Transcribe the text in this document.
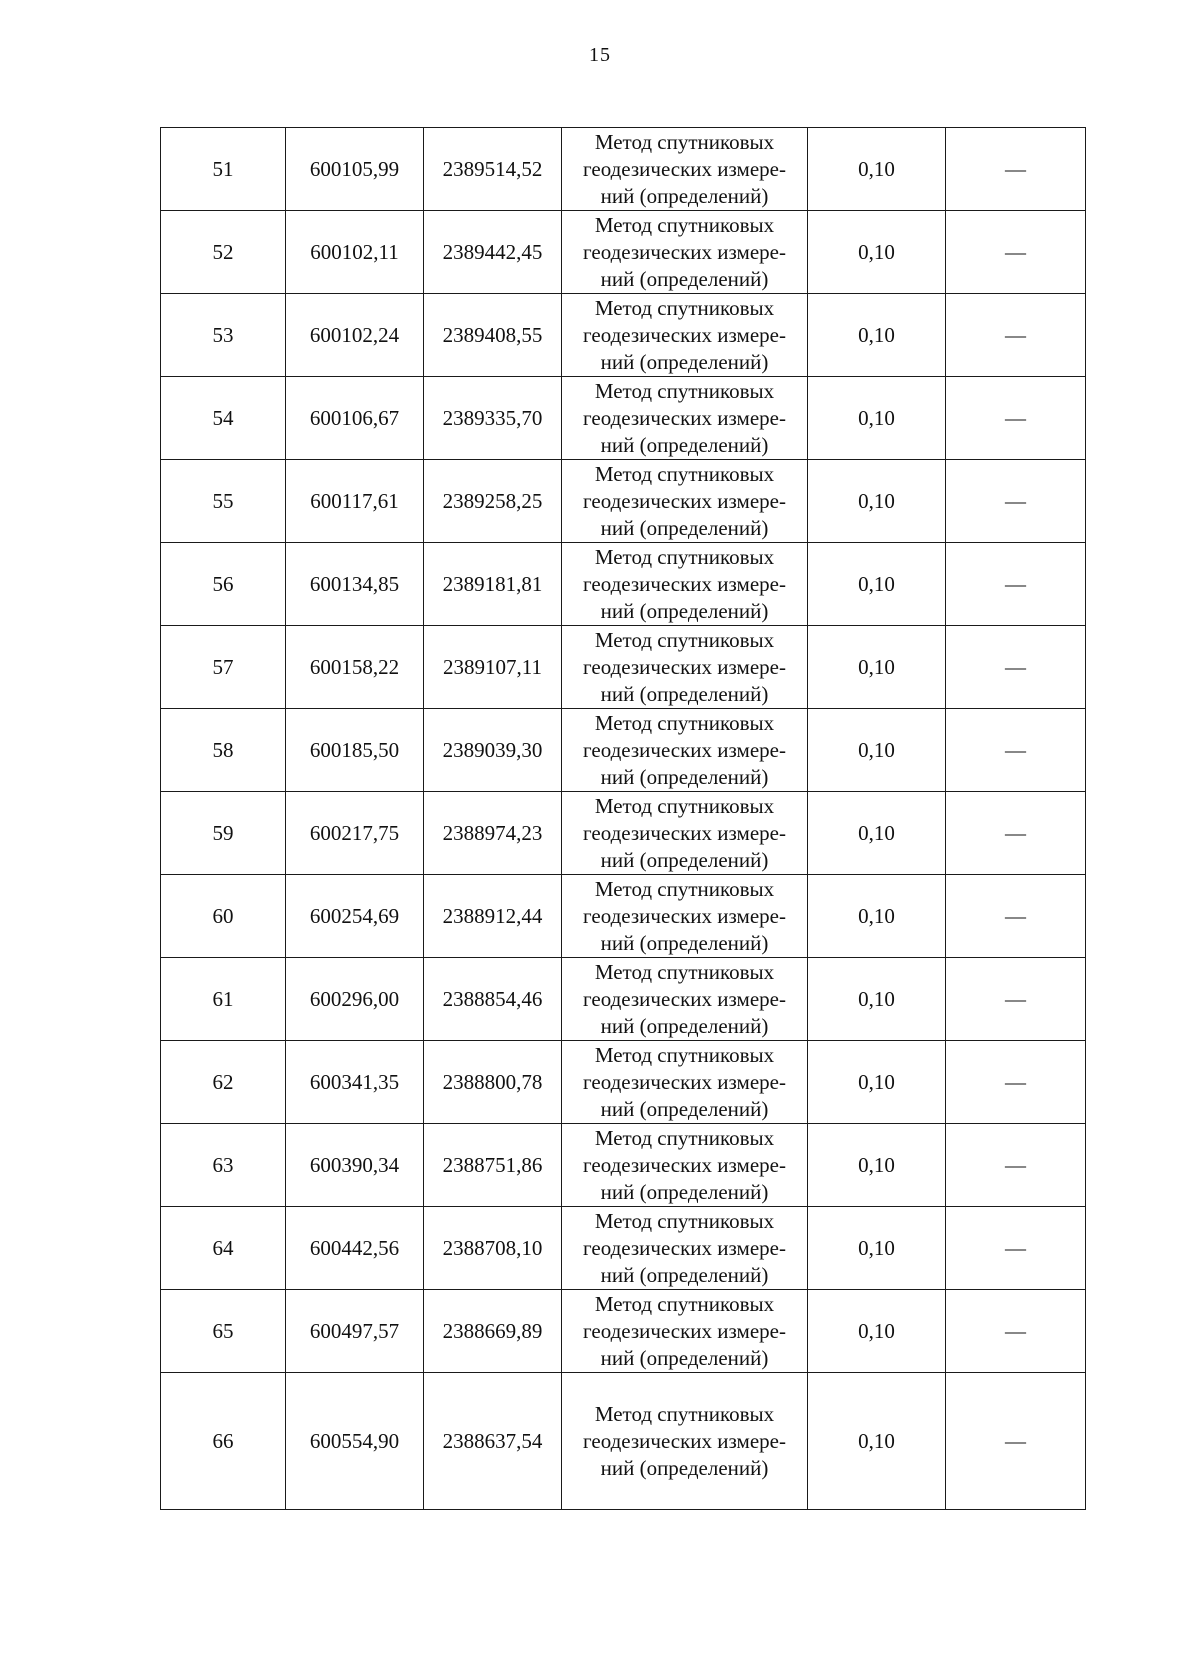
15
51	600105,99	2389514,52	Метод спутниковых
геодезических измере-
ний (определений)	0,10	—
52	600102,11	2389442,45	Метод спутниковых
геодезических измере-
ний (определений)	0,10	—
53	600102,24	2389408,55	Метод спутниковых
геодезических измере-
ний (определений)	0,10	—
54	600106,67	2389335,70	Метод спутниковых
геодезических измере-
ний (определений)	0,10	—
55	600117,61	2389258,25	Метод спутниковых
геодезических измере-
ний (определений)	0,10	—
56	600134,85	2389181,81	Метод спутниковых
геодезических измере-
ний (определений)	0,10	—
57	600158,22	2389107,11	Метод спутниковых
геодезических измере-
ний (определений)	0,10	—
58	600185,50	2389039,30	Метод спутниковых
геодезических измере-
ний (определений)	0,10	—
59	600217,75	2388974,23	Метод спутниковых
геодезических измере-
ний (определений)	0,10	—
60	600254,69	2388912,44	Метод спутниковых
геодезических измере-
ний (определений)	0,10	—
61	600296,00	2388854,46	Метод спутниковых
геодезических измере-
ний (определений)	0,10	—
62	600341,35	2388800,78	Метод спутниковых
геодезических измере-
ний (определений)	0,10	—
63	600390,34	2388751,86	Метод спутниковых
геодезических измере-
ний (определений)	0,10	—
64	600442,56	2388708,10	Метод спутниковых
геодезических измере-
ний (определений)	0,10	—
65	600497,57	2388669,89	Метод спутниковых
геодезических измере-
ний (определений)	0,10	—
66	600554,90	2388637,54	Метод спутниковых
геодезических измере-
ний (определений)	0,10	—
